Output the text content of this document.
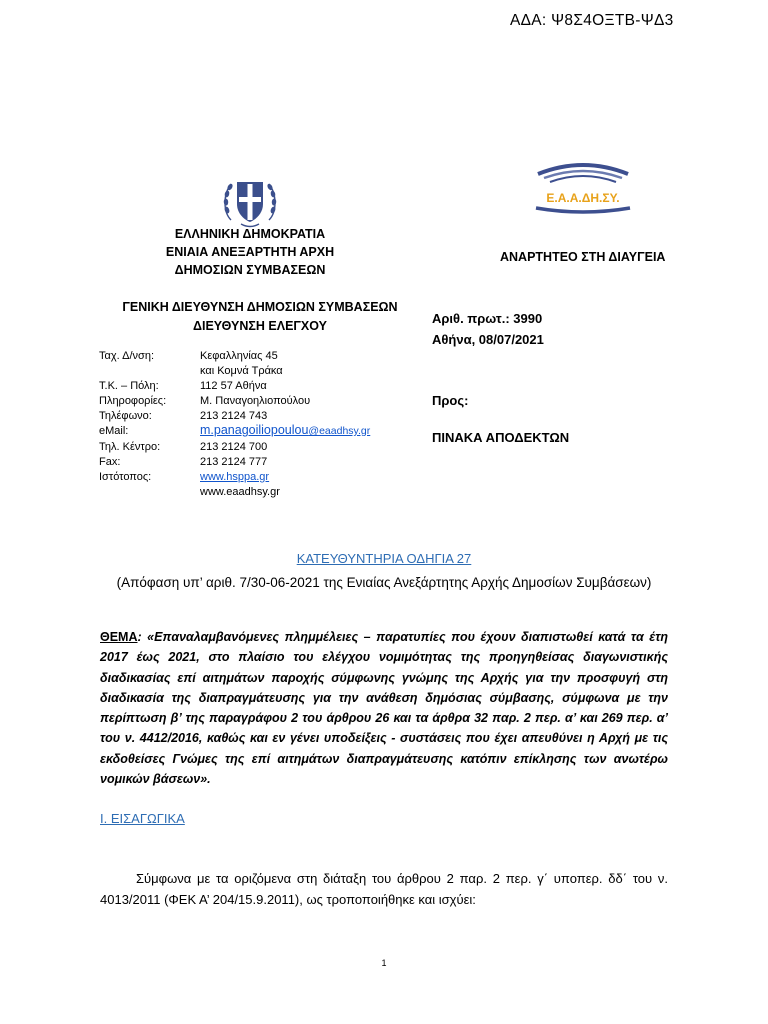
ΑΔΑ: Ψ8Σ4ΟΞΤΒ-ΨΔ3
Ε.Α.Α.ΔΗ.ΣΥ.
ΕΛΛΗΝΙΚΗ ΔΗΜΟΚΡΑΤΙΑ
ΕΝΙΑΙΑ ΑΝΕΞΑΡΤΗΤΗ ΑΡΧΗ
ΔΗΜΟΣΙΩΝ ΣΥΜΒΑΣΕΩΝ
ΑΝΑΡΤΗΤΕΟ ΣΤΗ ΔΙΑΥΓΕΙΑ
ΓΕΝΙΚΗ ΔΙΕΥΘΥΝΣΗ ΔΗΜΟΣΙΩΝ ΣΥΜΒΑΣΕΩΝ
ΔΙΕΥΘΥΝΣΗ ΕΛΕΓΧΟΥ	Αριθ. πρωτ.: 3990
Αθήνα, 08/07/2021
Προς:
ΠΙΝΑΚΑ ΑΠΟΔΕΚΤΩΝ
Ταχ. Δ/νση:	Κεφαλληνίας 45
και Κομνά Τράκα
Τ.Κ. – Πόλη:	112 57 Αθήνα
Πληροφορίες:	Μ. Παναγοηλιοπούλου
Τηλέφωνο:	213 2124 743
eMail:	m.panagoiliopoulou@eaadhsy.gr
Τηλ. Κέντρο:	213 2124 700
Fax:	213 2124 777
Ιστότοπος:	www.hsppa.gr
www.eaadhsy.gr
ΚΑΤΕΥΘΥΝΤΗΡΙΑ ΟΔΗΓΙΑ 27
(Απόφαση υπ’ αριθ. 7/30-06-2021 της Ενιαίας Ανεξάρτητης Αρχής Δημοσίων Συμβάσεων)
ΘΕΜΑ: «Επαναλαμβανόμενες πλημμέλειες – παρατυπίες που έχουν διαπιστωθεί κατά τα έτη 2017 έως 2021, στο πλαίσιο του ελέγχου νομιμότητας της προηγηθείσας διαγωνιστικής διαδικασίας επί αιτημάτων παροχής σύμφωνης γνώμης της Αρχής για την προσφυγή στη διαδικασία της διαπραγμάτευσης για την ανάθεση δημόσιας σύμβασης, σύμφωνα με την περίπτωση β’ της παραγράφου 2 του άρθρου 26 και τα άρθρα 32 παρ. 2 περ. α’ και 269 περ. α’ του ν. 4412/2016, καθώς και εν γένει υποδείξεις - συστάσεις που έχει απευθύνει η Αρχή με τις εκδοθείσες Γνώμες της επί αιτημάτων διαπραγμάτευσης κατόπιν επίκλησης των ανωτέρω νομικών βάσεων».
Ι. ΕΙΣΑΓΩΓΙΚΑ
Σύμφωνα με τα οριζόμενα στη διάταξη του άρθρου 2 παρ. 2 περ. γ΄ υποπερ. δδ΄ του ν. 4013/2011 (ΦΕΚ Α’ 204/15.9.2011), ως τροποποιήθηκε και ισχύει:
1
